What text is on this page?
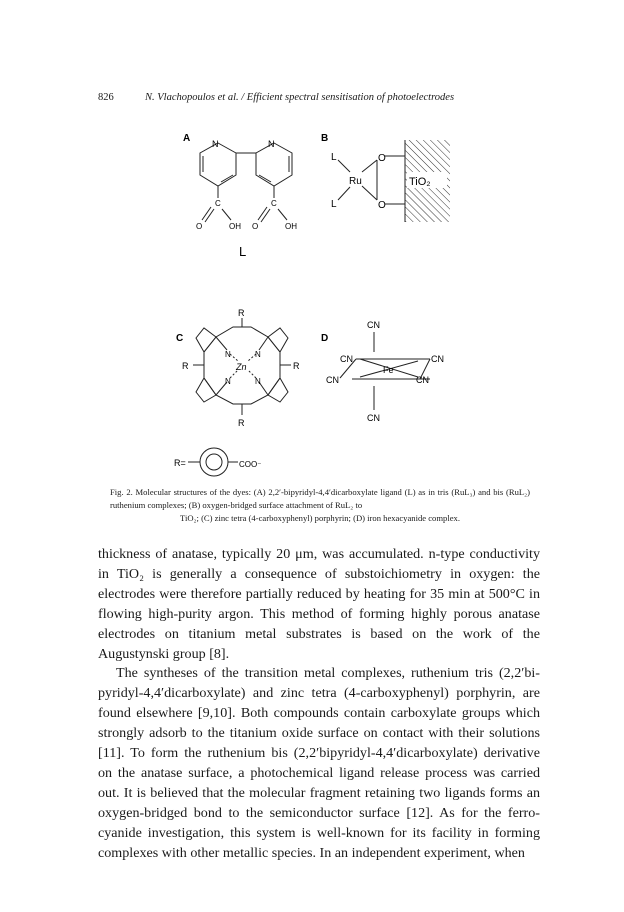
826	N. Vlachopoulos et al. / Efficient spectral sensitisation of photoelectrodes
A	B
C	D
N	N
C	C
O	O
OH	OH
L
L
L
Ru
O
O
TiO₂
R
R	R
R
N	N
N	N
Zn
R=	COO⁻
CN
CN
CN
CN
CN
CN
Fe
Fig. 2. Molecular structures of the dyes: (A) 2,2′-bipyridyl-4,4′dicarboxylate ligand (L) as in tris (RuL₃) and bis (RuL₂) ruthenium complexes; (B) oxygen-bridged surface attachment of RuL₂ to
TiO₂; (C) zinc tetra (4-carboxyphenyl) porphyrin; (D) iron hexacyanide complex.

thickness of anatase, typically 20 μm, was accumulated. n-type conductivity in TiO₂ is generally a consequence of substoichiometry in oxygen: the electrodes were therefore partially reduced by heating for 35 min at 500°C in flowing high-purity argon. This method of forming highly porous anatase electrodes on titanium metal substrates is based on the work of the Augustynski group [8].

The syntheses of the transition metal complexes, ruthenium tris (2,2′bi-pyridyl-4,4′dicarboxylate) and zinc tetra (4-carboxyphenyl) porphyrin, are found elsewhere [9,10]. Both compounds contain carboxylate groups which strongly adsorb to the titanium oxide surface on contact with their solutions [11]. To form the ruthenium bis (2,2′bipyridyl-4,4′dicarboxylate) derivative on the anatase surface, a photochemical ligand release process was carried out. It is believed that the molecular fragment retaining two ligands forms an oxygen-bridged bond to the semiconductor surface [12]. As for the ferro-cyanide investigation, this system is well-known for its facility in forming complexes with other metallic species. In an independent experiment, when
